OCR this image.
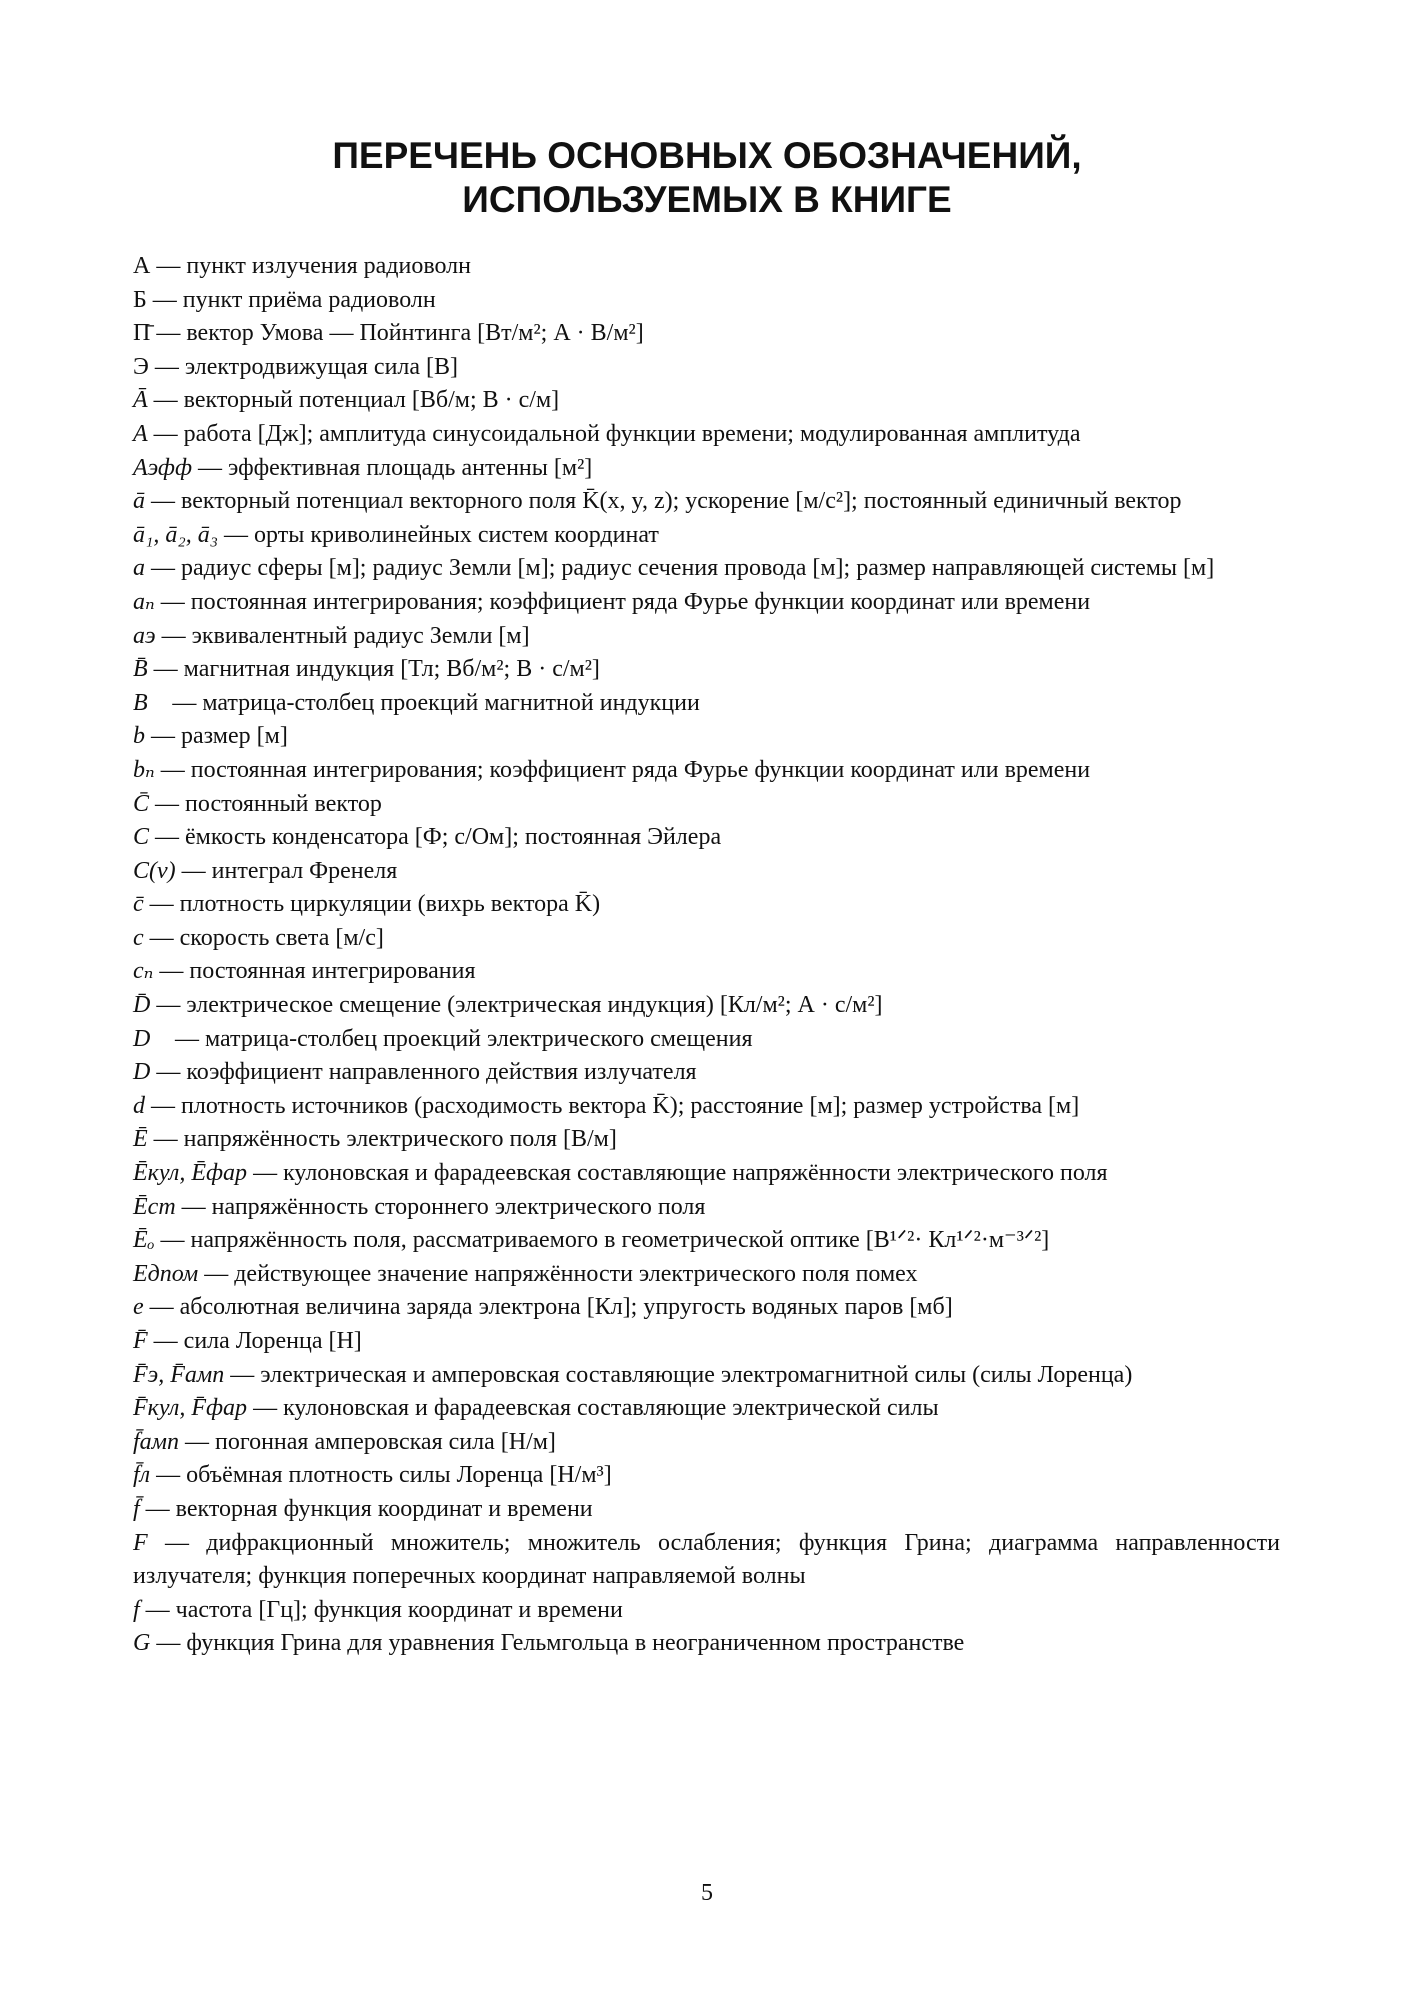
ПЕРЕЧЕНЬ ОСНОВНЫХ ОБОЗНАЧЕНИЙ,
ИСПОЛЬЗУЕМЫХ В КНИГЕ
А — пункт излучения радиоволн
Б — пункт приёма радиоволн
П̄ — вектор Умова — Пойнтинга [Вт/м²; А · В/м²]
Э — электродвижущая сила [В]
Ā — векторный потенциал [Вб/м; В · с/м]
A — работа [Дж]; амплитуда синусоидальной функции времени; модулированная амплитуда
Aэфф — эффективная площадь антенны [м²]
ā — векторный потенциал векторного поля K̄(x, y, z); ускорение [м/с²]; постоянный единичный вектор
ā₁, ā₂, ā₃ — орты криволинейных систем координат
a — радиус сферы [м]; радиус Земли [м]; радиус сечения провода [м]; размер направляющей системы [м]
aₙ — постоянная интегрирования; коэффициент ряда Фурье функции координат или времени
aэ — эквивалентный радиус Земли [м]
B̄ — магнитная индукция [Тл; Вб/м²; В · с/м²]
B⃗ — матрица-столбец проекций магнитной индукции
b — размер [м]
bₙ — постоянная интегрирования; коэффициент ряда Фурье функции координат или времени
C̄ — постоянный вектор
C — ёмкость конденсатора [Ф; с/Ом]; постоянная Эйлера
C(v) — интеграл Френеля
c̄ — плотность циркуляции (вихрь вектора K̄)
c — скорость света [м/с]
cₙ — постоянная интегрирования
D̄ — электрическое смещение (электрическая индукция) [Кл/м²; А · с/м²]
D⃗ — матрица-столбец проекций электрического смещения
D — коэффициент направленного действия излучателя
d — плотность источников (расходимость вектора K̄); расстояние [м]; размер устройства [м]
Ē — напряжённость электрического поля [В/м]
Ēкул, Ēфар — кулоновская и фарадеевская составляющие напряжённости электрического поля
Ēст — напряжённость стороннего электрического поля
Ēₒ — напряжённость поля, рассматриваемого в геометрической оптике [В¹ᐟ²· Кл¹ᐟ²·м⁻³ᐟ²]
Eдпом — действующее значение напряжённости электрического поля помех
e — абсолютная величина заряда электрона [Кл]; упругость водяных паров [мб]
F̄ — сила Лоренца [Н]
F̄э, F̄амп — электрическая и амперовская составляющие электромагнитной силы (силы Лоренца)
F̄кул, F̄фар — кулоновская и фарадеевская составляющие электрической силы
f̄амп — погонная амперовская сила [Н/м]
f̄л — объёмная плотность силы Лоренца [Н/м³]
f̄ — векторная функция координат и времени
F — дифракционный множитель; множитель ослабления; функция Грина; диаграмма направленности излучателя; функция поперечных координат направляемой волны
f — частота [Гц]; функция координат и времени
G — функция Грина для уравнения Гельмгольца в неограниченном пространстве
5
